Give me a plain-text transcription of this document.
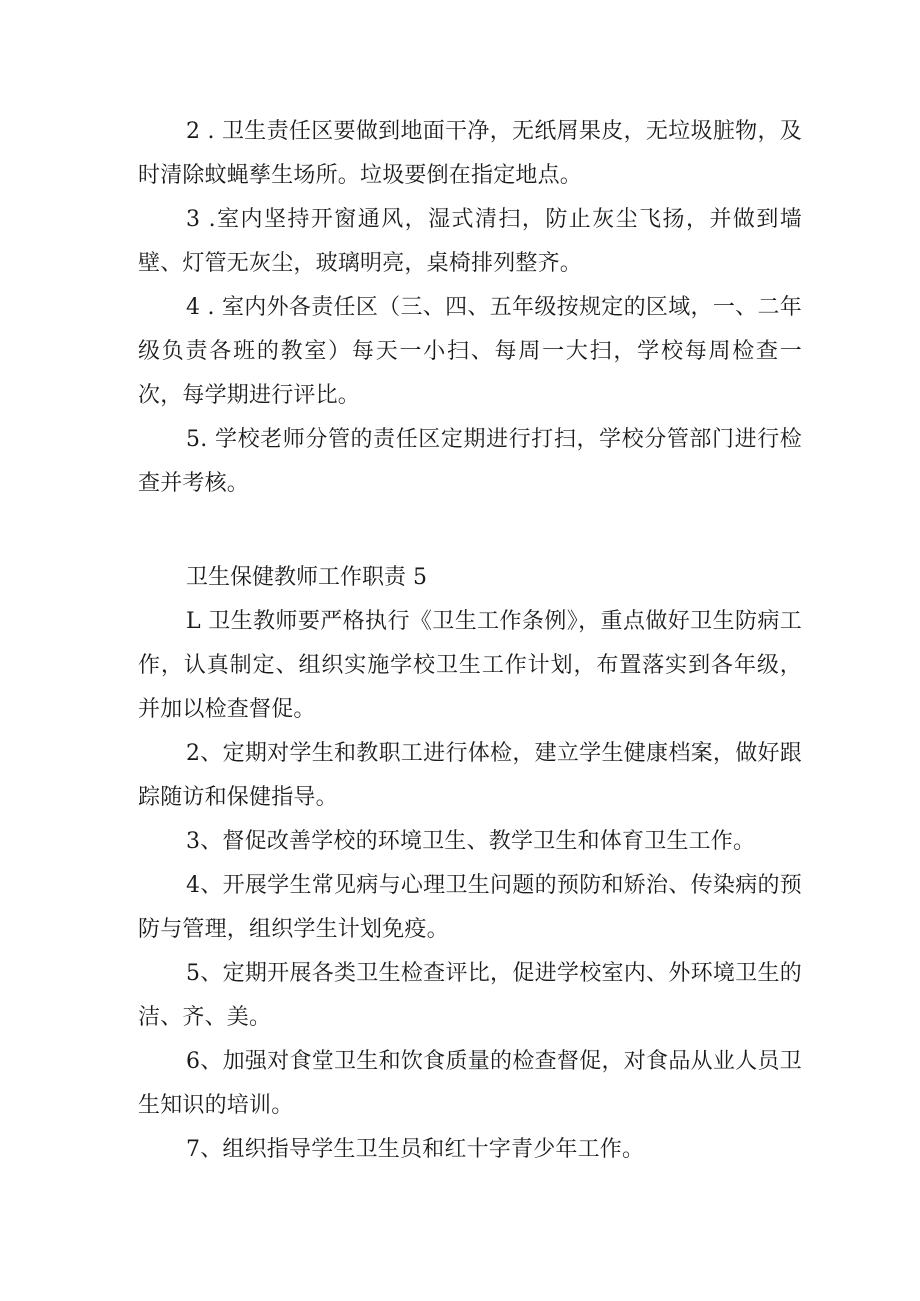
2 . 卫生责任区要做到地面干净，无纸屑果皮，无垃圾脏物，及时清除蚊蝇孳生场所。垃圾要倒在指定地点。

3 .室内坚持开窗通风，湿式清扫，防止灰尘飞扬，并做到墙壁、灯管无灰尘，玻璃明亮，桌椅排列整齐。

4 . 室内外各责任区（三、四、五年级按规定的区域，一、二年级负责各班的教室）每天一小扫、每周一大扫，学校每周检查一次，每学期进行评比。

5. 学校老师分管的责任区定期进行打扫，学校分管部门进行检查并考核。

卫生保健教师工作职责 5

L 卫生教师要严格执行《卫生工作条例》，重点做好卫生防病工作，认真制定、组织实施学校卫生工作计划，布置落实到各年级，并加以检查督促。

2、定期对学生和教职工进行体检，建立学生健康档案，做好跟踪随访和保健指导。

3、督促改善学校的环境卫生、教学卫生和体育卫生工作。

4、开展学生常见病与心理卫生问题的预防和矫治、传染病的预防与管理，组织学生计划免疫。

5、定期开展各类卫生检查评比，促进学校室内、外环境卫生的洁、齐、美。

6、加强对食堂卫生和饮食质量的检查督促，对食品从业人员卫生知识的培训。

7、组织指导学生卫生员和红十字青少年工作。
